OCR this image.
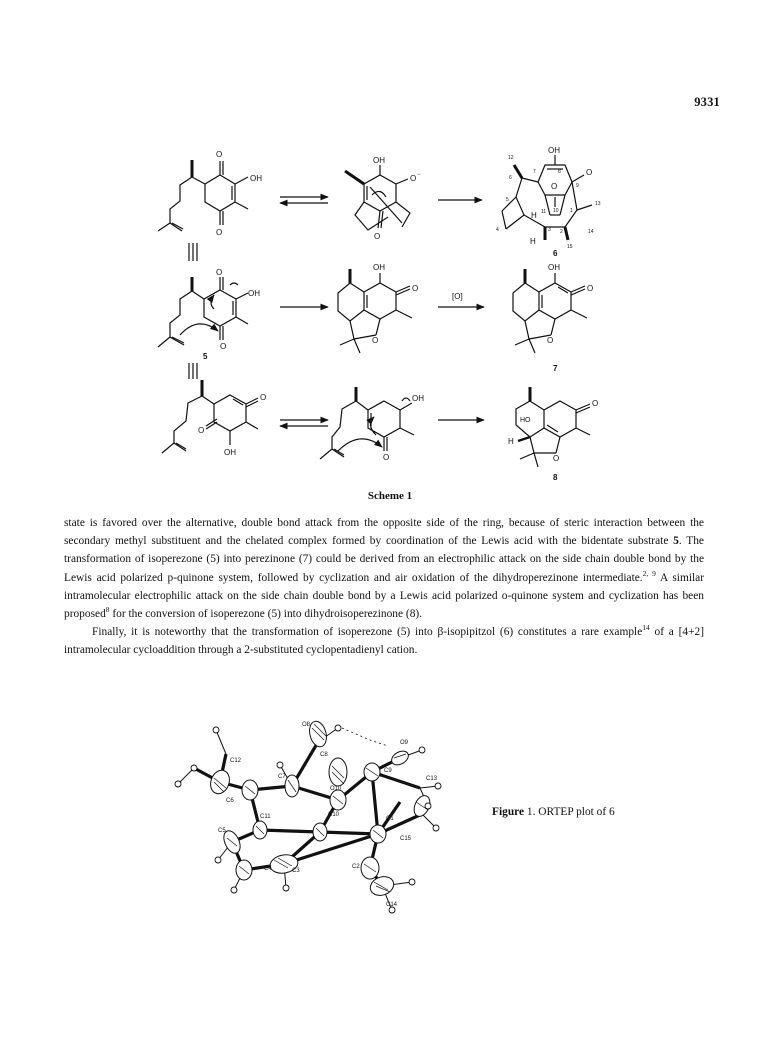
9331
O
OH
O
OH
O −
O
OH
O
O
H
H
6
12
6
7	8
9
5
11 10 1
13
4	3 2	14
15
O
OH
O
5
OH
O
O
[O]
OH
O
O
7
O
O
OH
OH
O
O
HO
H
O
8
Scheme 1

state is favored over the alternative, double bond attack from the opposite side of the ring, because of steric interaction between the secondary methyl substituent and the chelated complex formed by coordination of the Lewis acid with the bidentate substrate 5. The transformation of isoperezone (5) into perezinone (7) could be derived from an electrophilic attack on the side chain double bond by the Lewis acid polarized p-quinone system, followed by cyclization and air oxidation of the dihydroperezinone intermediate.$^{2, 9}$ A similar intramolecular electrophilic attack on the side chain double bond by a Lewis acid polarized o-quinone system and cyclization has been proposed$^8$ for the conversion of isoperezone (5) into dihydroisoperezinone (8).

Finally, it is noteworthy that the transformation of isoperezone (5) into β-isopipitzol (6) constitutes a rare example$^{14}$ of a [4+2] intramolecular cycloaddition through a 2-substituted cyclopentadienyl cation.

O8
O9
C12
C7
C8
C9
O10
C6
C10
C11	C1
C13
C5
C15
C4	C3
C2
C14
Figure 1. ORTEP plot of 6
